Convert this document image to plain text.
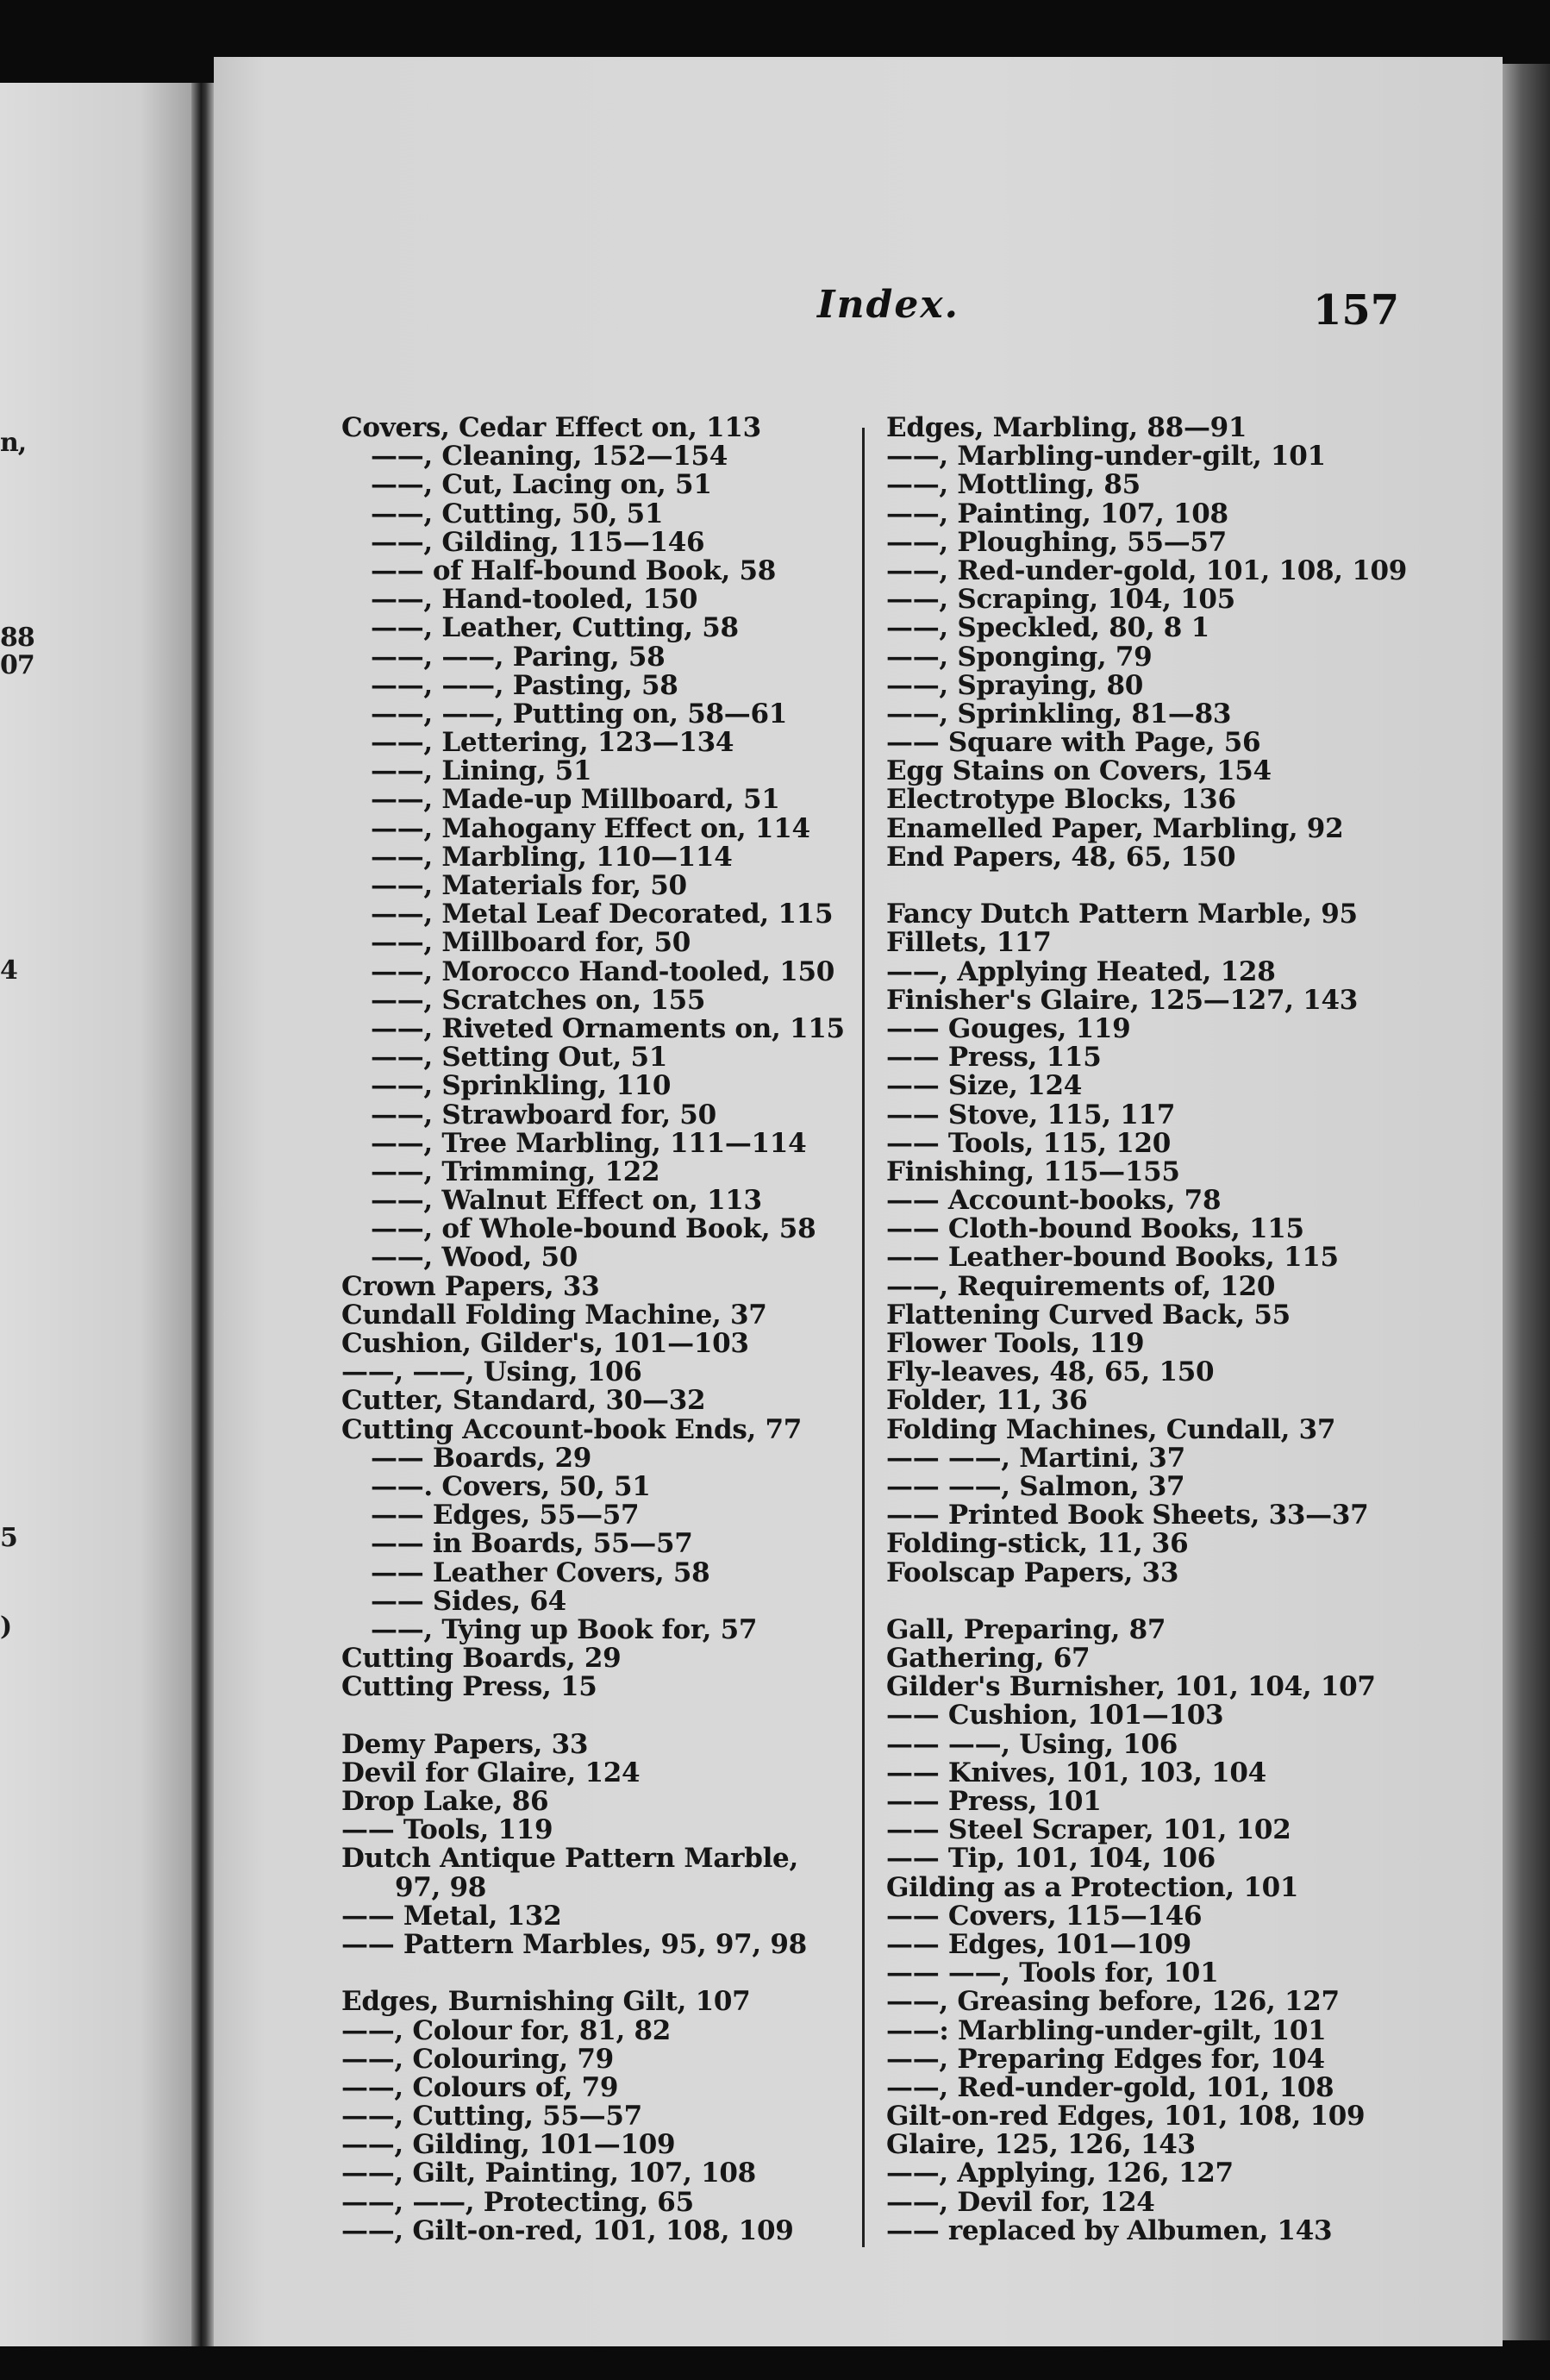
n,
88
07
4
5
)
Index.	157
Covers, Cedar Effect on, 113
——, Cleaning, 152—154
——, Cut, Lacing on, 51
——, Cutting, 50, 51
——, Gilding, 115—146
—— of Half-bound Book, 58
——, Hand-tooled, 150
——, Leather, Cutting, 58
——, ——, Paring, 58
——, ——, Pasting, 58
——, ——, Putting on, 58—61
——, Lettering, 123—134
——, Lining, 51
——, Made-up Millboard, 51
——, Mahogany Effect on, 114
——, Marbling, 110—114
——, Materials for, 50
——, Metal Leaf Decorated, 115
——, Millboard for, 50
——, Morocco Hand-tooled, 150
——, Scratches on, 155
——, Riveted Ornaments on, 115
——, Setting Out, 51
——, Sprinkling, 110
——, Strawboard for, 50
——, Tree Marbling, 111—114
——, Trimming, 122
——, Walnut Effect on, 113
——, of Whole-bound Book, 58
——, Wood, 50
Crown Papers, 33
Cundall Folding Machine, 37
Cushion, Gilder's, 101—103
——, ——, Using, 106
Cutter, Standard, 30—32
Cutting Account-book Ends, 77
—— Boards, 29
——. Covers, 50, 51
—— Edges, 55—57
—— in Boards, 55—57
—— Leather Covers, 58
—— Sides, 64
——, Tying up Book for, 57
Cutting Boards, 29
Cutting Press, 15
Demy Papers, 33
Devil for Glaire, 124
Drop Lake, 86
—— Tools, 119
Dutch Antique Pattern Marble,
97, 98
—— Metal, 132
—— Pattern Marbles, 95, 97, 98
Edges, Burnishing Gilt, 107
——, Colour for, 81, 82
——, Colouring, 79
——, Colours of, 79
——, Cutting, 55—57
——, Gilding, 101—109
——, Gilt, Painting, 107, 108
——, ——, Protecting, 65
——, Gilt-on-red, 101, 108, 109
Edges, Marbling, 88—91
——, Marbling-under-gilt, 101
——, Mottling, 85
——, Painting, 107, 108
——, Ploughing, 55—57
——, Red-under-gold, 101, 108, 109
——, Scraping, 104, 105
——, Speckled, 80, 8 1
——, Sponging, 79
——, Spraying, 80
——, Sprinkling, 81—83
—— Square with Page, 56
Egg Stains on Covers, 154
Electrotype Blocks, 136
Enamelled Paper, Marbling, 92
End Papers, 48, 65, 150
Fancy Dutch Pattern Marble, 95
Fillets, 117
——, Applying Heated, 128
Finisher's Glaire, 125—127, 143
—— Gouges, 119
—— Press, 115
—— Size, 124
—— Stove, 115, 117
—— Tools, 115, 120
Finishing, 115—155
—— Account-books, 78
—— Cloth-bound Books, 115
—— Leather-bound Books, 115
——, Requirements of, 120
Flattening Curved Back, 55
Flower Tools, 119
Fly-leaves, 48, 65, 150
Folder, 11, 36
Folding Machines, Cundall, 37
—— ——, Martini, 37
—— ——, Salmon, 37
—— Printed Book Sheets, 33—37
Folding-stick, 11, 36
Foolscap Papers, 33
Gall, Preparing, 87
Gathering, 67
Gilder's Burnisher, 101, 104, 107
—— Cushion, 101—103
—— ——, Using, 106
—— Knives, 101, 103, 104
—— Press, 101
—— Steel Scraper, 101, 102
—— Tip, 101, 104, 106
Gilding as a Protection, 101
—— Covers, 115—146
—— Edges, 101—109
—— ——, Tools for, 101
——, Greasing before, 126, 127
——: Marbling-under-gilt, 101
——, Preparing Edges for, 104
——, Red-under-gold, 101, 108
Gilt-on-red Edges, 101, 108, 109
Glaire, 125, 126, 143
——, Applying, 126, 127
——, Devil for, 124
—— replaced by Albumen, 143
